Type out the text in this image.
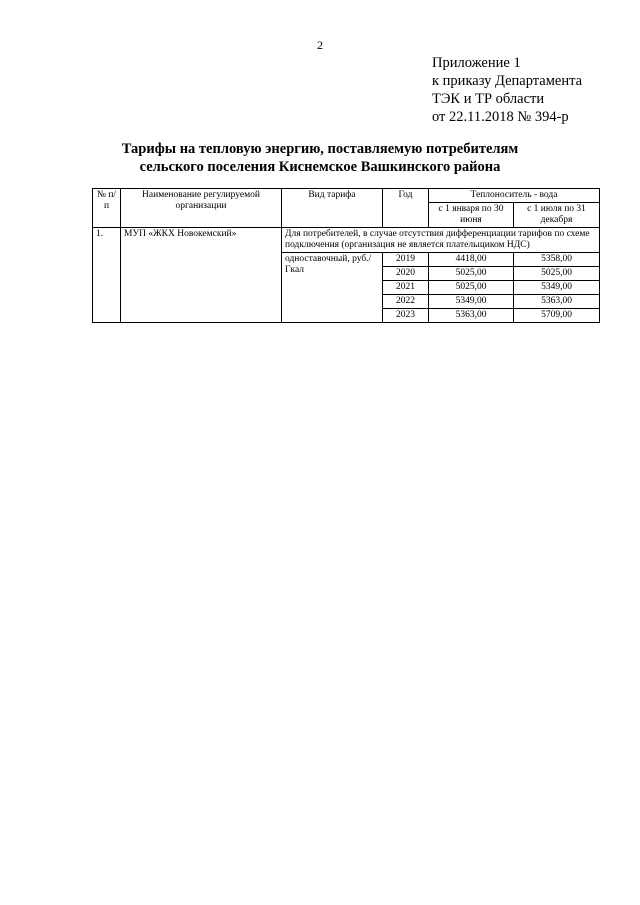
2
Приложение 1
к приказу Департамента
ТЭК и ТР области
от 22.11.2018 № 394-р
Тарифы на тепловую энергию, поставляемую потребителям
сельского поселения Киснемское Вашкинского района
№ п/п	Наименование регулируемой организации	Вид тарифа	Год	Теплоноситель - вода	
				с 1 января по 30 июня	с 1 июля по 31 декабря
1.	МУП «ЖКХ Новокемский»	Для потребителей, в случае отсутствия дифференциации тарифов по схеме подключения (организация не является плательщиком НДС)			
		одноставочный, руб./Гкал	2019	4418,00	5358,00
			2020	5025,00	5025,00
			2021	5025,00	5349,00
			2022	5349,00	5363,00
			2023	5363,00	5709,00
